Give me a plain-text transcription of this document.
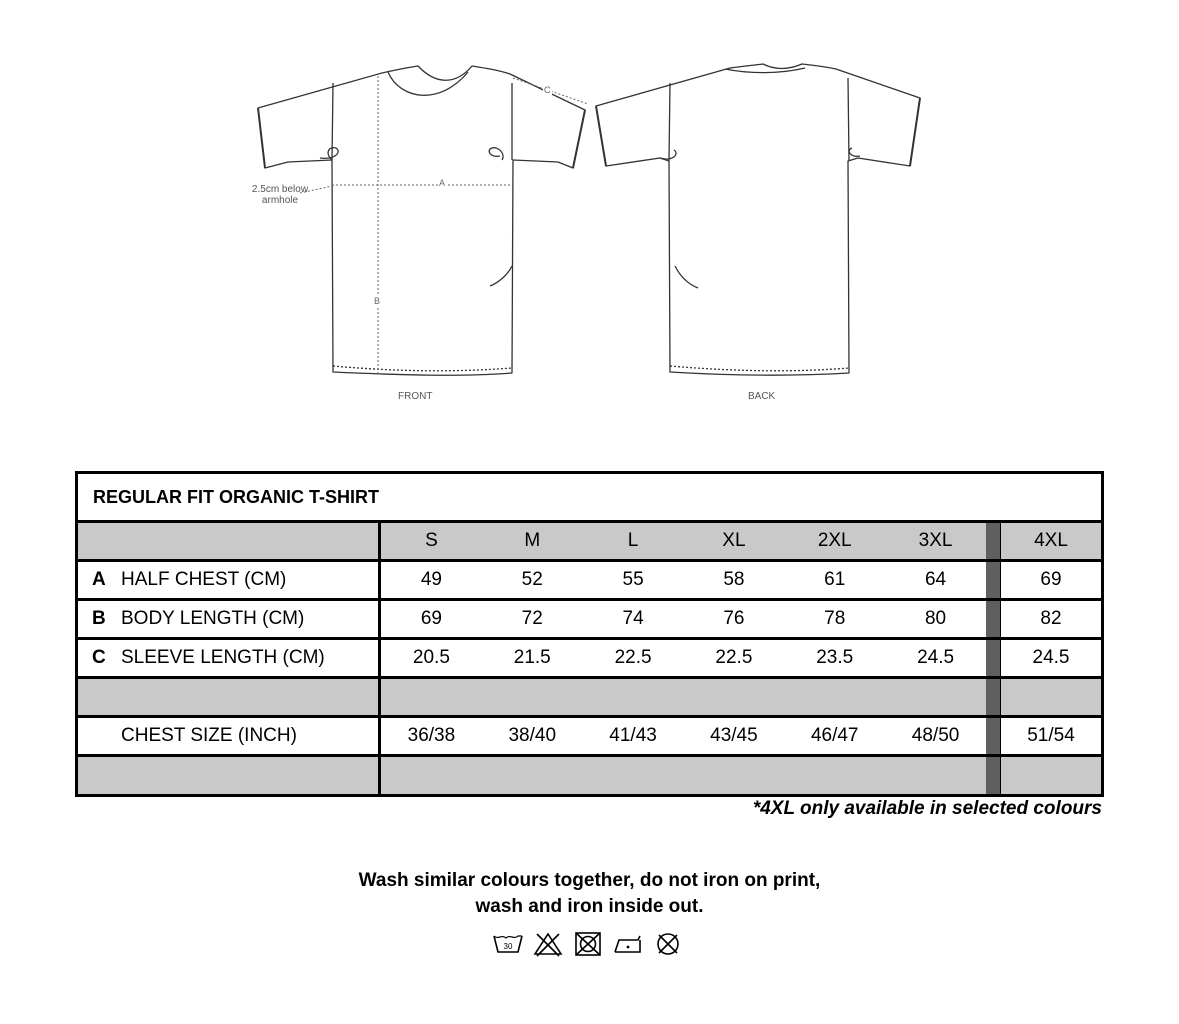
2.5cm below armhole
A
B
C
FRONT	BACK
REGULAR FIT ORGANIC T-SHIRT
S	M	L	XL	2XL	3XL	4XL
A HALF CHEST (CM)	49	52	55	58	61	64	69
B BODY LENGTH (CM)	69	72	74	76	78	80	82
C SLEEVE LENGTH (CM)	20.5	21.5	22.5	22.5	23.5	24.5	24.5
CHEST SIZE (INCH)	36/38	38/40	41/43	43/45	46/47	48/50	51/54
*4XL only available in selected colours
Wash similar colours together, do not iron on print,
wash and iron inside out.
30
